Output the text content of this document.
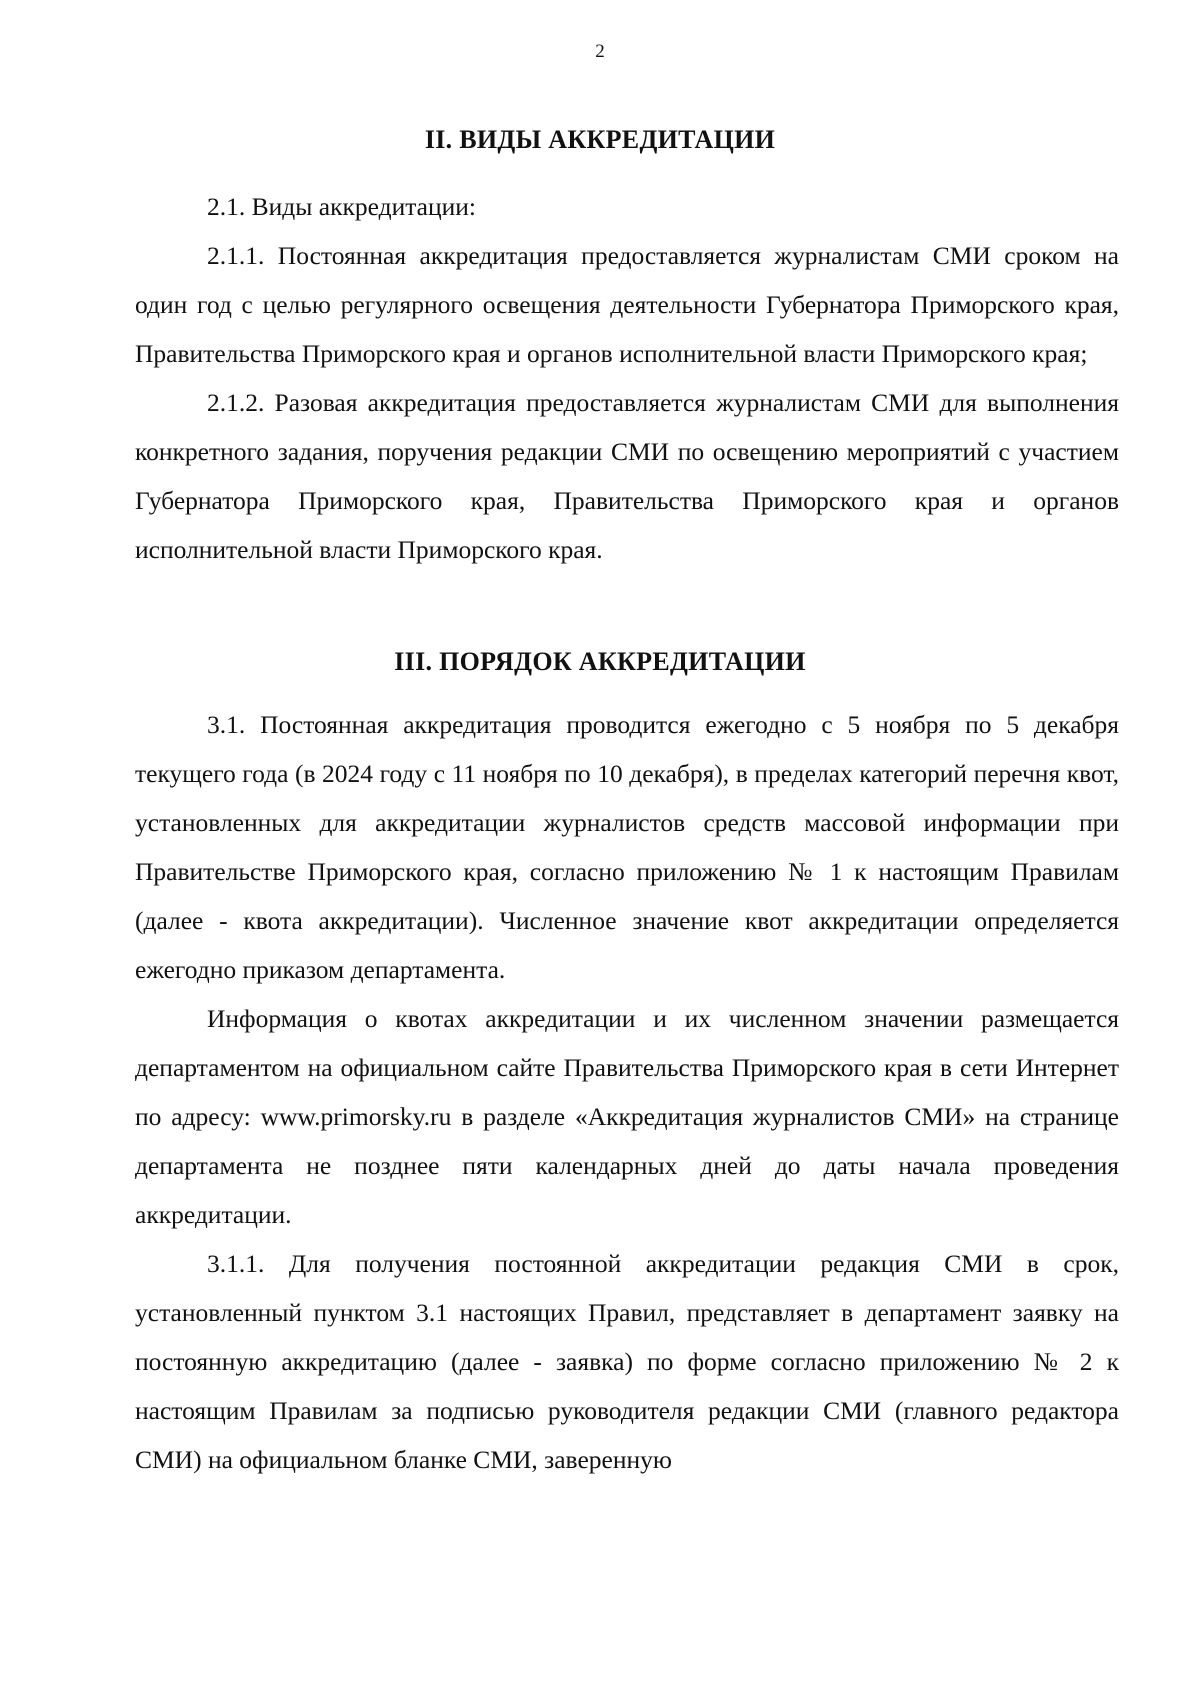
2
II. ВИДЫ АККРЕДИТАЦИИ

2.1. Виды аккредитации:

2.1.1. Постоянная аккредитация предоставляется журналистам СМИ сроком на один год с целью регулярного освещения деятельности Губернатора Приморского края, Правительства Приморского края и органов исполнительной власти Приморского края;

2.1.2. Разовая аккредитация предоставляется журналистам СМИ для выполнения конкретного задания, поручения редакции СМИ по освещению мероприятий с участием Губернатора Приморского края, Правительства Приморского края и органов исполнительной власти Приморского края.

III. ПОРЯДОК АККРЕДИТАЦИИ

3.1. Постоянная аккредитация проводится ежегодно с 5 ноября по 5 декабря текущего года (в 2024 году с 11 ноября по 10 декабря), в пределах категорий перечня квот, установленных для аккредитации журналистов средств массовой информации при Правительстве Приморского края, согласно приложению № 1 к настоящим Правилам (далее - квота аккредитации). Численное значение квот аккредитации определяется ежегодно приказом департамента.

Информация о квотах аккредитации и их численном значении размещается департаментом на официальном сайте Правительства Приморского края в сети Интернет по адресу: www.primorsky.ru в разделе «Аккредитация журналистов СМИ» на странице департамента не позднее пяти календарных дней до даты начала проведения аккредитации.

3.1.1. Для получения постоянной аккредитации редакция СМИ в срок, установленный пунктом 3.1 настоящих Правил, представляет в департамент заявку на постоянную аккредитацию (далее - заявка) по форме согласно приложению № 2 к настоящим Правилам за подписью руководителя редакции СМИ (главного редактора СМИ) на официальном бланке СМИ, заверенную
